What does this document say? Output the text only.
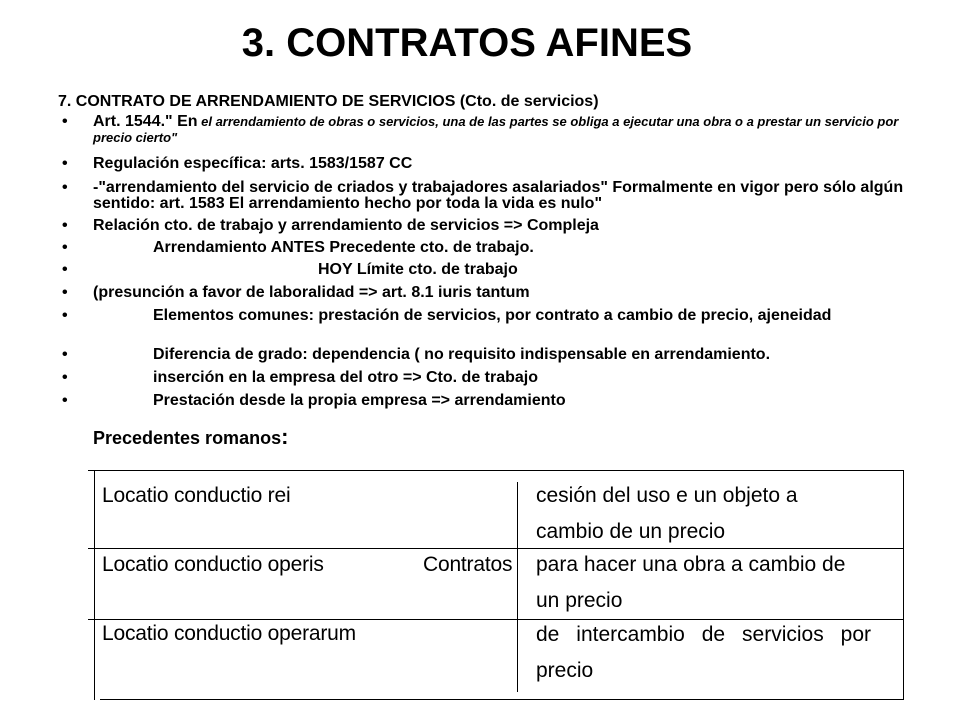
3. CONTRATOS AFINES
7. CONTRATO DE ARRENDAMIENTO DE SERVICIOS (Cto. de servicios)
• Art. 1544." En el arrendamiento de obras o servicios, una de las partes se obliga a ejecutar una obra o a prestar un servicio por precio cierto"
• Regulación específica: arts. 1583/1587 CC
• -"arrendamiento del servicio de criados y trabajadores asalariados" Formalmente en vigor pero sólo algún sentido: art. 1583 El arrendamiento hecho por toda la vida es nulo"
• Relación cto. de trabajo y arrendamiento de servicios => Compleja
•	Arrendamiento ANTES Precedente cto. de trabajo.
•	HOY Límite cto. de trabajo
• (presunción a favor de laboralidad => art. 8.1 iuris tantum
•	Elementos comunes: prestación de servicios, por contrato a cambio de precio, ajeneidad
•	Diferencia de grado: dependencia ( no requisito indispensable en arrendamiento.
•	inserción en la empresa del otro => Cto. de trabajo
•	Prestación desde la propia empresa => arrendamiento
Precedentes romanos:
Locatio conductio rei	cesión del uso e un objeto a cambio de un precio
Locatio conductio operis	Contratos para hacer una obra a cambio de un precio
Locatio conductio operarum	de intercambio de servicios por precio
